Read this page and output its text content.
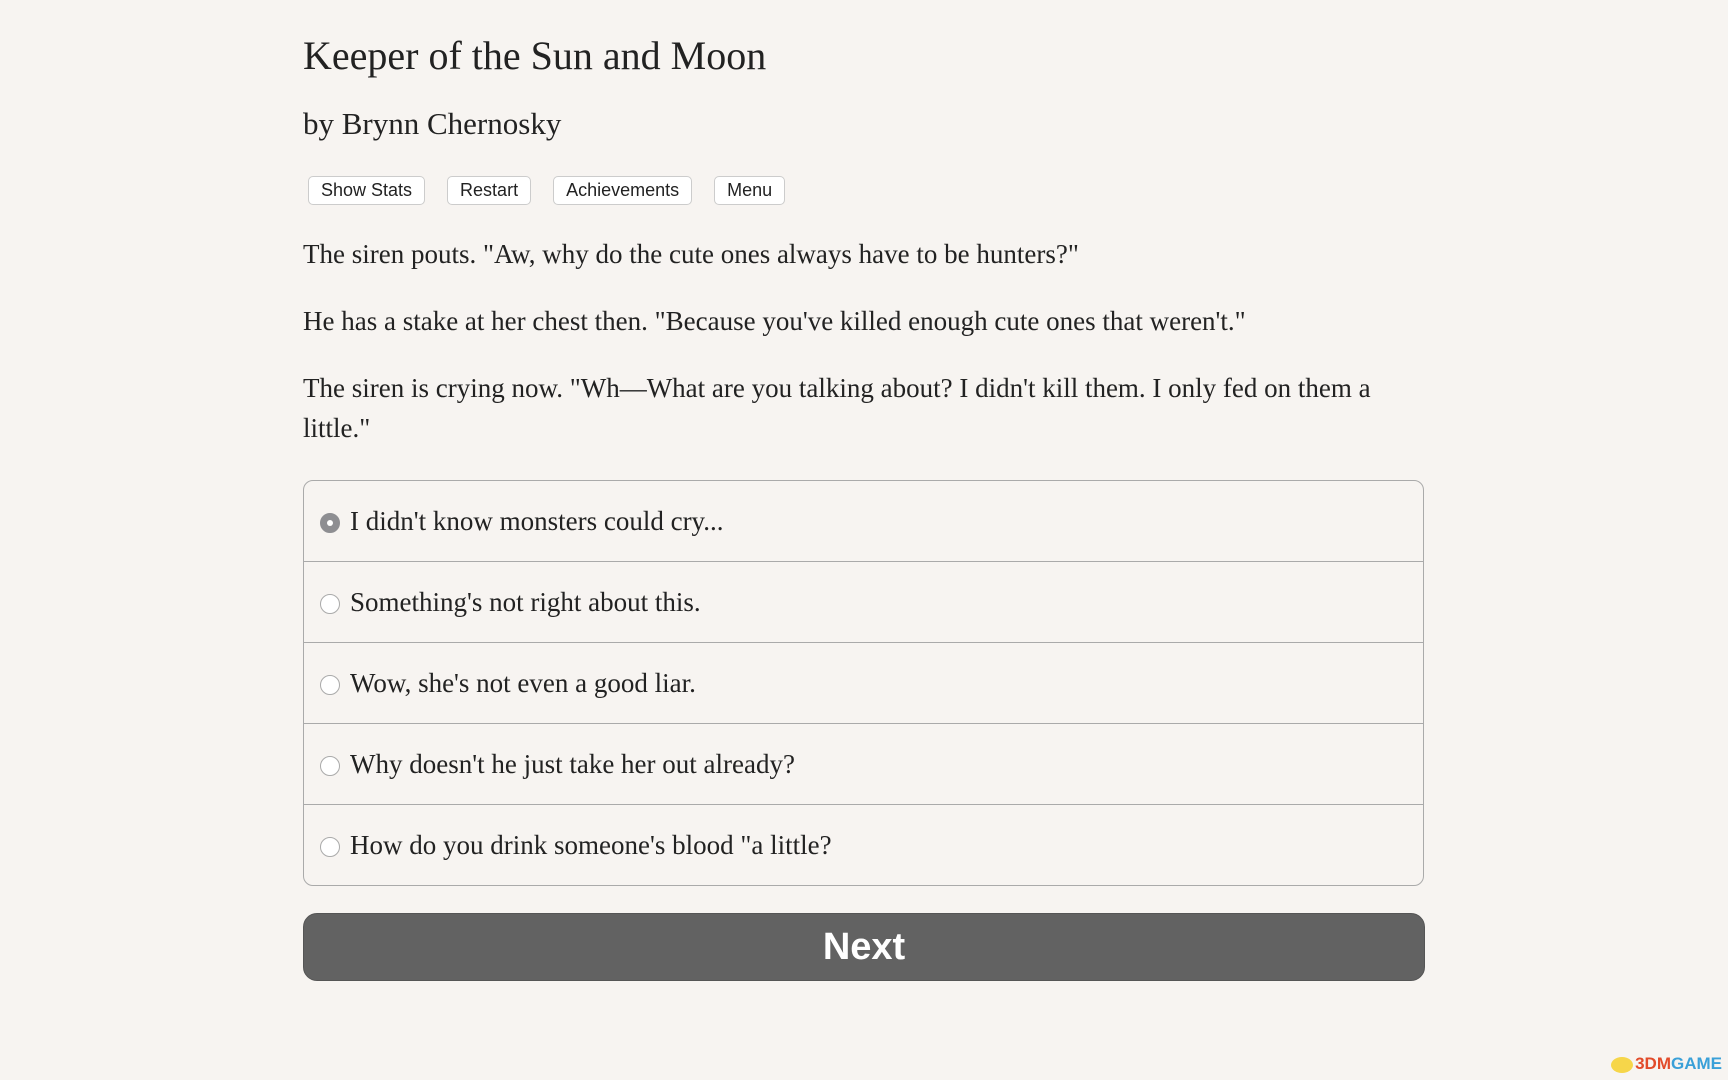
Keeper of the Sun and Moon
by Brynn Chernosky
Show Stats	Restart	Achievements	Menu

The siren pouts. "Aw, why do the cute ones always have to be hunters?"

He has a stake at her chest then. "Because you've killed enough cute ones that weren't."

The siren is crying now. "Wh—What are you talking about? I didn't kill them. I only fed on them a little."

I didn't know monsters could cry...
Something's not right about this.
Wow, she's not even a good liar.
Why doesn't he just take her out already?
How do you drink someone's blood "a little?
Next
3DMGAME
